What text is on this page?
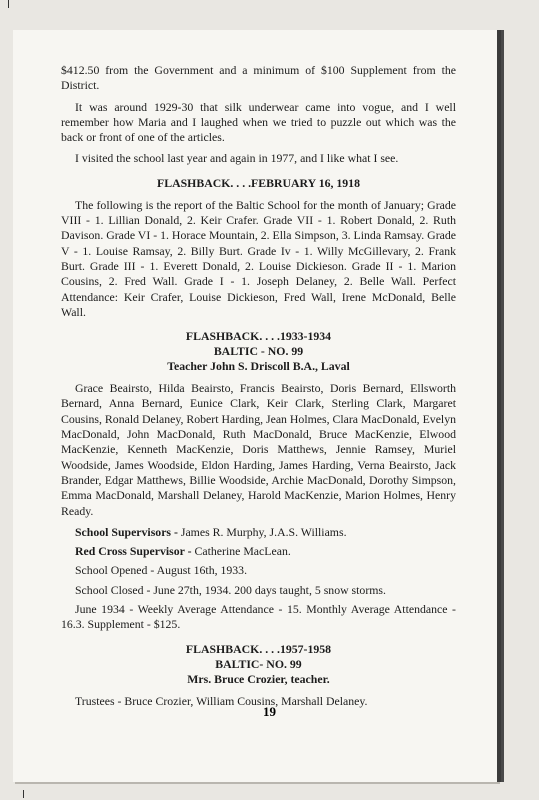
$412.50 from the Government and a minimum of $100 Supplement from the District.

It was around 1929-30 that silk underwear came into vogue, and I well remember how Maria and I laughed when we tried to puzzle out which was the back or front of one of the articles.

I visited the school last year and again in 1977, and I like what I see.

FLASHBACK. . . .FEBRUARY 16, 1918

The following is the report of the Baltic School for the month of January; Grade VIII - 1. Lillian Donald, 2. Keir Crafer. Grade VII - 1. Robert Donald, 2. Ruth Davison. Grade VI - 1. Horace Mountain, 2. Ella Simpson, 3. Linda Ramsay. Grade V - 1. Louise Ramsay, 2. Billy Burt. Grade Iv - 1. Willy McGillevary, 2. Frank Burt. Grade III - 1. Everett Donald, 2. Louise Dickieson. Grade II - 1. Marion Cousins, 2. Fred Wall. Grade I - 1. Joseph Delaney, 2. Belle Wall. Perfect Attendance: Keir Crafer, Louise Dickieson, Fred Wall, Irene McDonald, Belle Wall.

FLASHBACK. . . .1933-1934
BALTIC - NO. 99
Teacher John S. Driscoll B.A., Laval

Grace Beairsto, Hilda Beairsto, Francis Beairsto, Doris Bernard, Ellsworth Bernard, Anna Bernard, Eunice Clark, Keir Clark, Sterling Clark, Margaret Cousins, Ronald Delaney, Robert Harding, Jean Holmes, Clara MacDonald, Evelyn MacDonald, John MacDonald, Ruth MacDonald, Bruce MacKenzie, Elwood MacKenzie, Kenneth MacKenzie, Doris Matthews, Jennie Ramsey, Muriel Woodside, James Woodside, Eldon Harding, James Harding, Verna Beairsto, Jack Brander, Edgar Matthews, Billie Woodside, Archie MacDonald, Dorothy Simpson, Emma MacDonald, Marshall Delaney, Harold MacKenzie, Marion Holmes, Henry Ready.

School Supervisors - James R. Murphy, J.A.S. Williams.

Red Cross Supervisor - Catherine MacLean.

School Opened - August 16th, 1933.

School Closed - June 27th, 1934. 200 days taught, 5 snow storms.

June 1934 - Weekly Average Attendance - 15. Monthly Average Attendance - 16.3. Supplement - $125.

FLASHBACK. . . .1957-1958
BALTIC- NO. 99
Mrs. Bruce Crozier, teacher.

Trustees - Bruce Crozier, William Cousins, Marshall Delaney.

19
